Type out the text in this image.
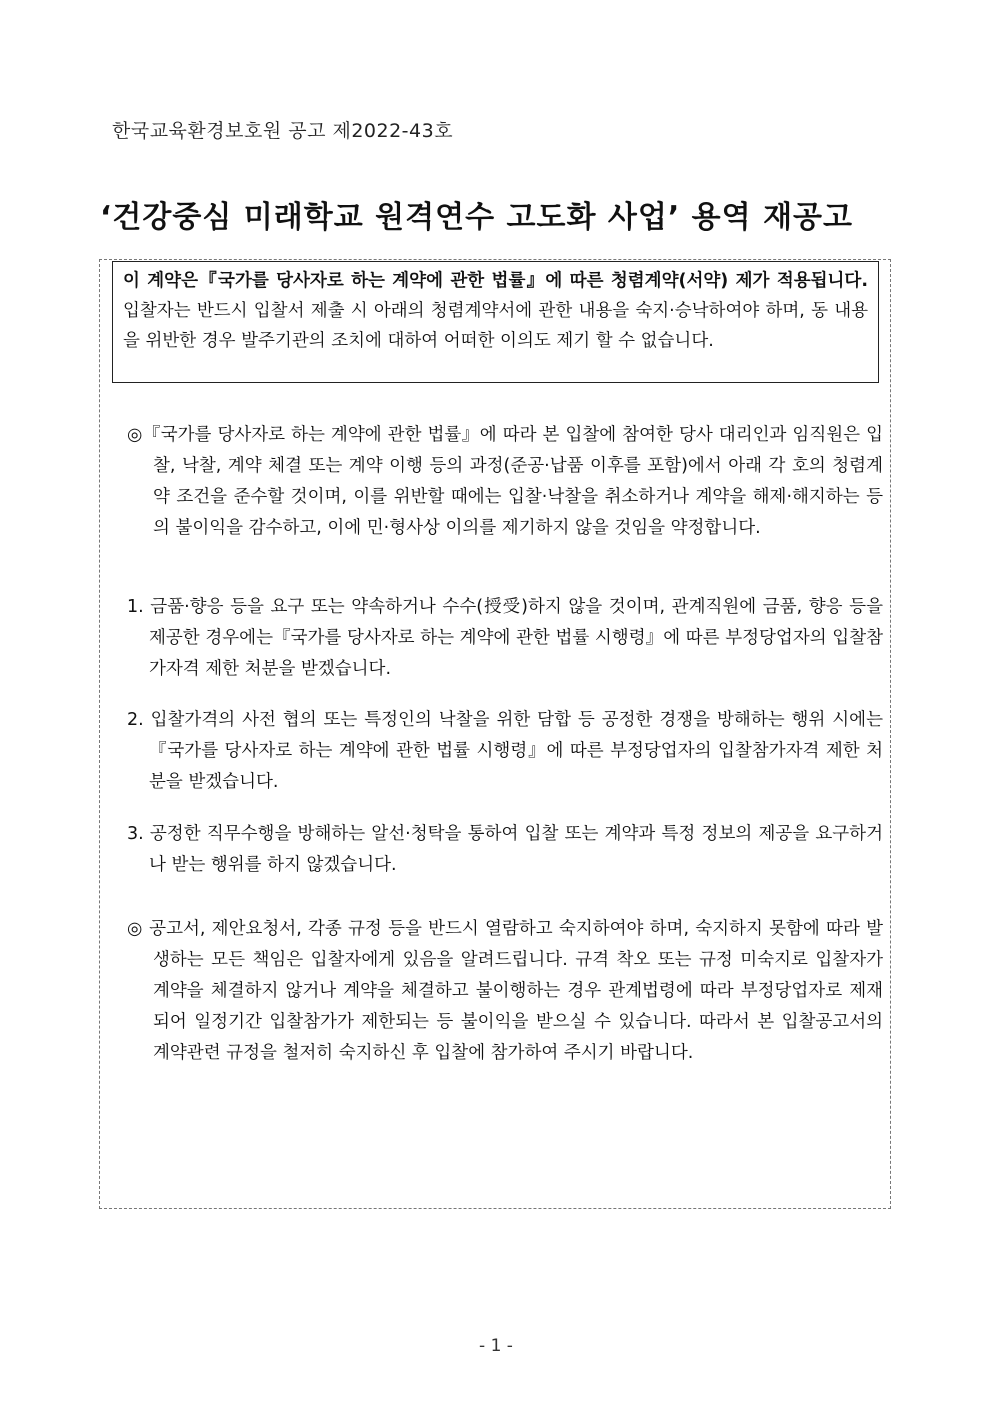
한국교육환경보호원 공고 제2022-43호
‘건강중심 미래학교 원격연수 고도화 사업’ 용역 재공고
이 계약은『국가를 당사자로 하는 계약에 관한 법률』에 따른 청렴계약(서약) 제가 적용됩니다. 입찰자는 반드시 입찰서 제출 시 아래의 청렴계약서에 관한 내용을 숙지·승낙하여야 하며, 동 내용을 위반한 경우 발주기관의 조치에 대하여 어떠한 이의도 제기 할 수 없습니다.
◎『국가를 당사자로 하는 계약에 관한 법률』에 따라 본 입찰에 참여한 당사 대리인과 임직원은 입찰, 낙찰, 계약 체결 또는 계약 이행 등의 과정(준공·납품 이후를 포함)에서 아래 각 호의 청렴계약 조건을 준수할 것이며, 이를 위반할 때에는 입찰·낙찰을 취소하거나 계약을 해제·해지하는 등의 불이익을 감수하고, 이에 민·형사상 이의를 제기하지 않을 것임을 약정합니다.
1. 금품·향응 등을 요구 또는 약속하거나 수수(授受)하지 않을 것이며, 관계직원에 금품, 향응 등을 제공한 경우에는『국가를 당사자로 하는 계약에 관한 법률 시행령』에 따른 부정당업자의 입찰참가자격 제한 처분을 받겠습니다.
2. 입찰가격의 사전 협의 또는 특정인의 낙찰을 위한 담합 등 공정한 경쟁을 방해하는 행위 시에는『국가를 당사자로 하는 계약에 관한 법률 시행령』에 따른 부정당업자의 입찰참가자격 제한 처분을 받겠습니다.
3. 공정한 직무수행을 방해하는 알선·청탁을 통하여 입찰 또는 계약과 특정 정보의 제공을 요구하거나 받는 행위를 하지 않겠습니다.
◎ 공고서, 제안요청서, 각종 규정 등을 반드시 열람하고 숙지하여야 하며, 숙지하지 못함에 따라 발생하는 모든 책임은 입찰자에게 있음을 알려드립니다. 규격 착오 또는 규정 미숙지로 입찰자가 계약을 체결하지 않거나 계약을 체결하고 불이행하는 경우 관계법령에 따라 부정당업자로 제재되어 일정기간 입찰참가가 제한되는 등 불이익을 받으실 수 있습니다. 따라서 본 입찰공고서의 계약관련 규정을 철저히 숙지하신 후 입찰에 참가하여 주시기 바랍니다.
- 1 -
